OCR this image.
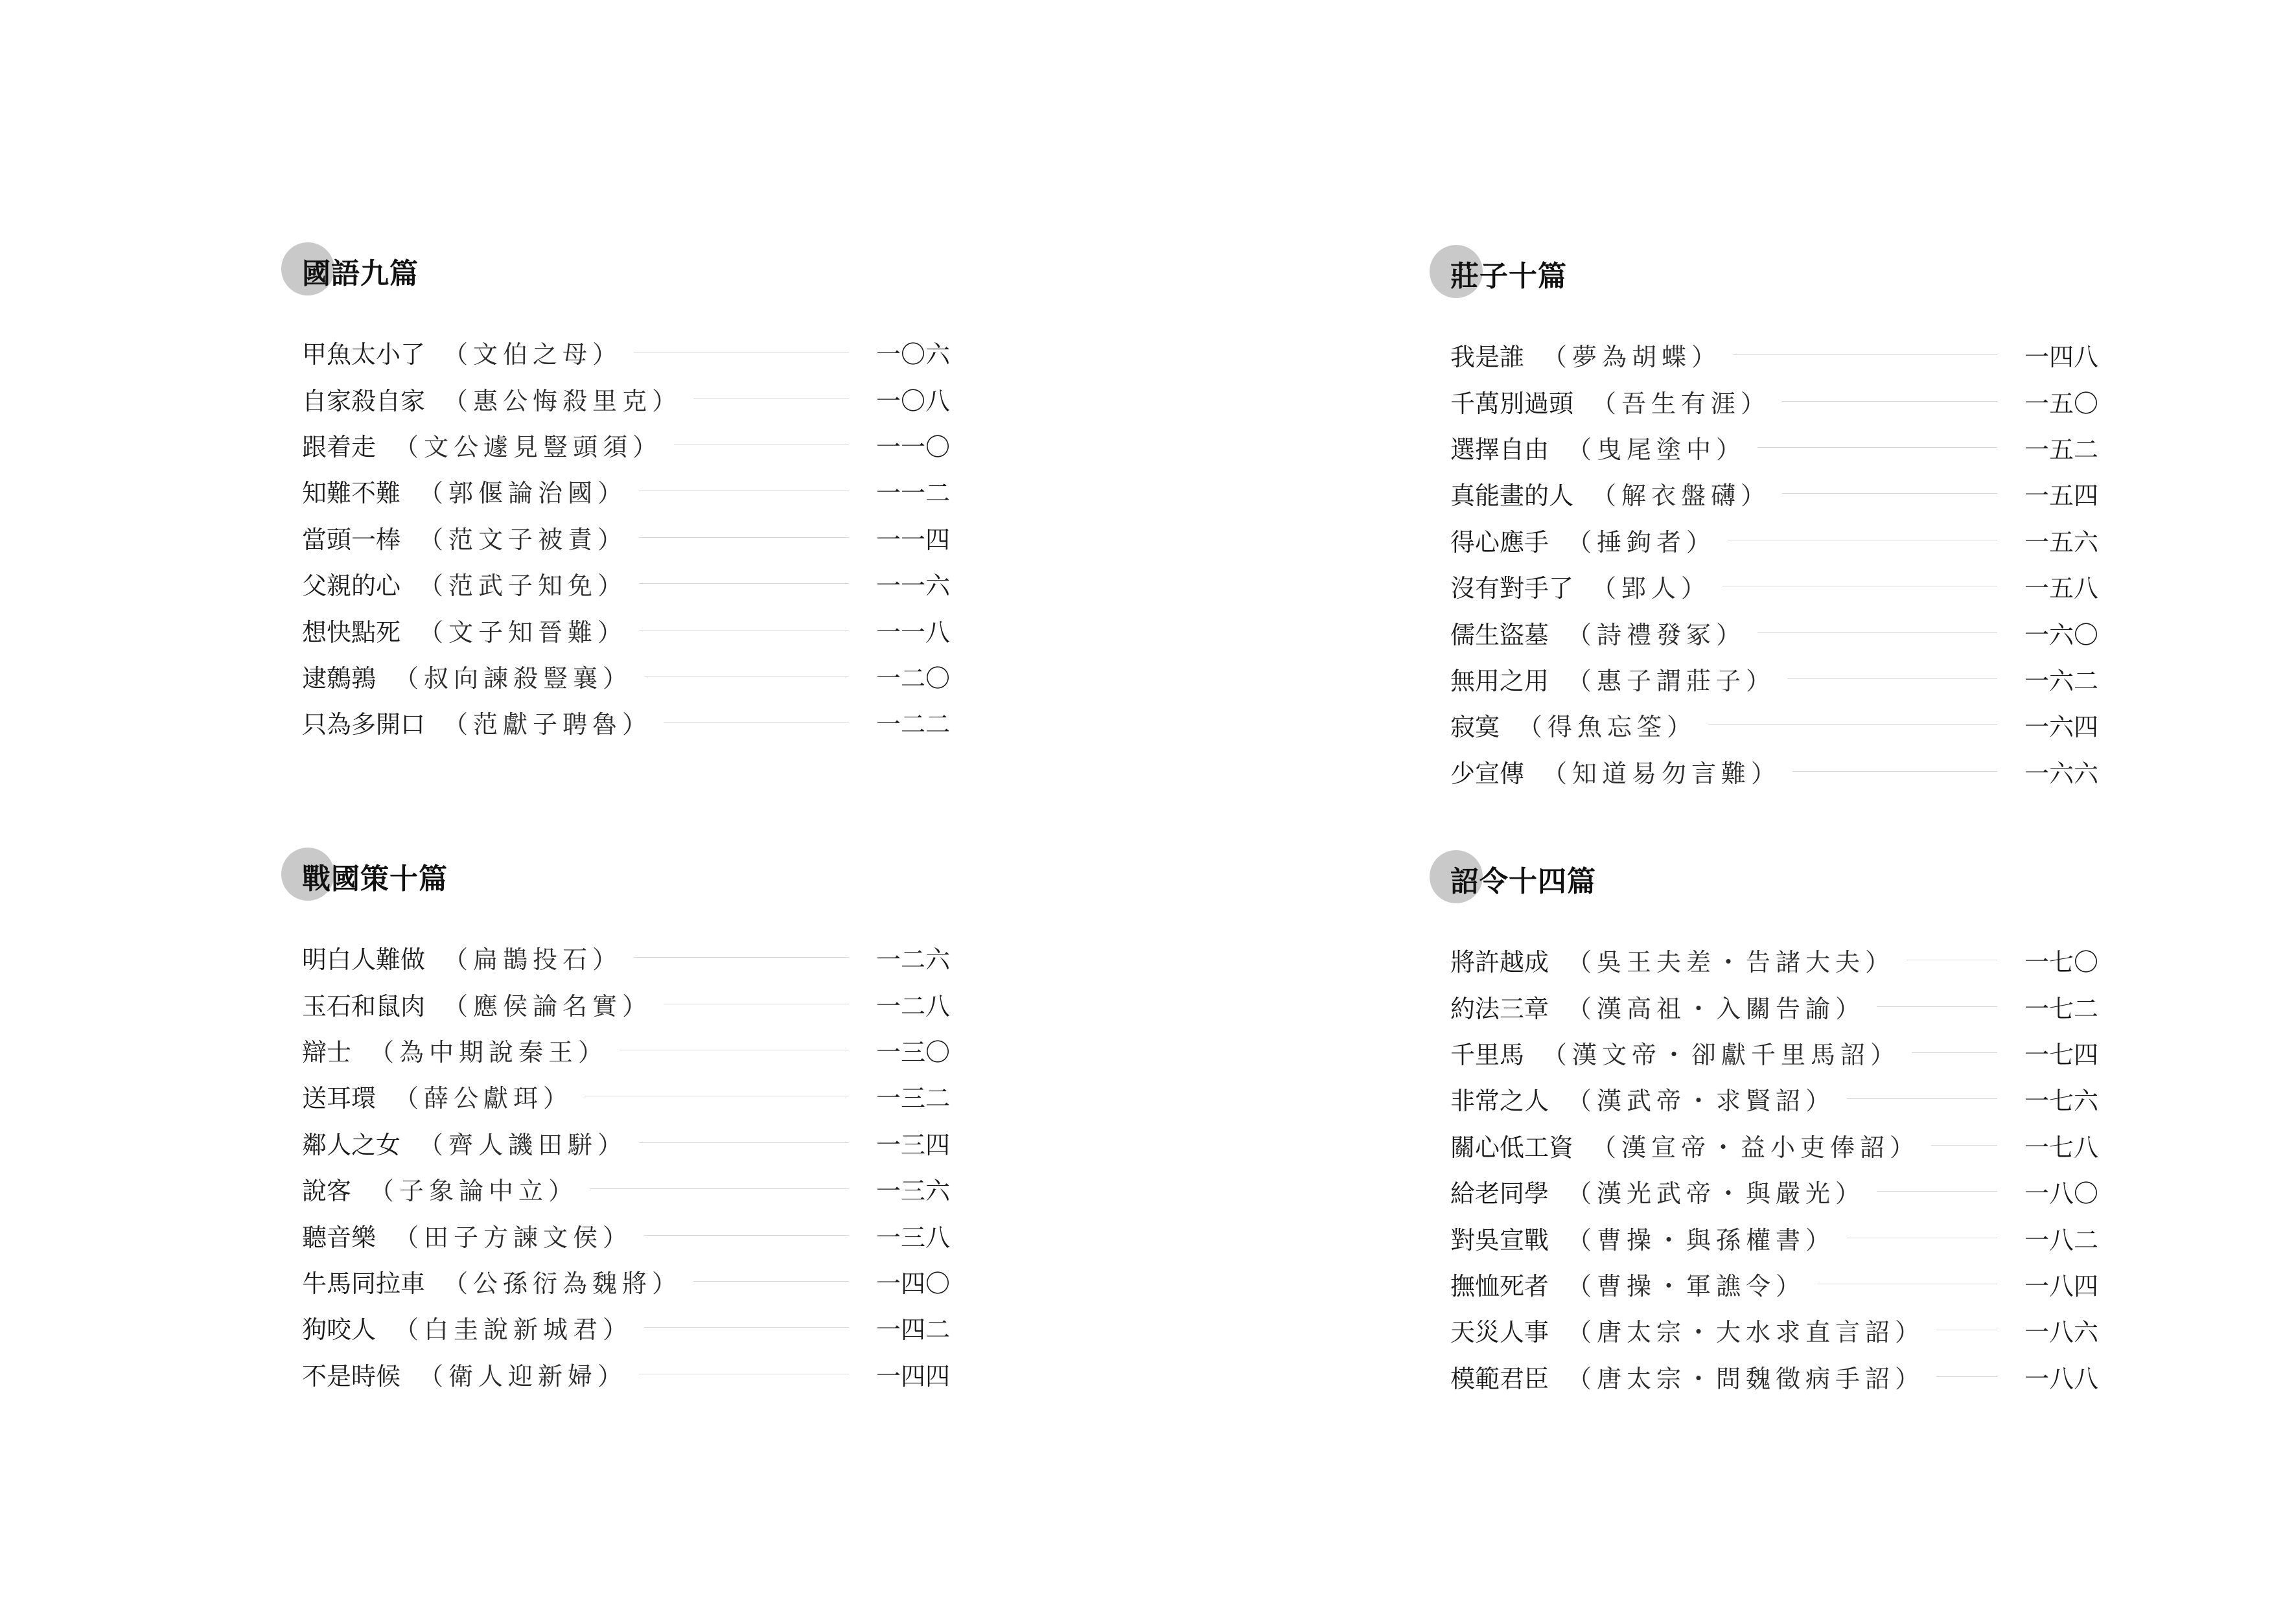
國語九篇
甲魚太小了 （文伯之母）	一〇六
自家殺自家 （惠公悔殺里克）	一〇八
跟着走 （文公遽見豎頭須）	一一〇
知難不難 （郭偃論治國）	一一二
當頭一棒 （范文子被責）	一一四
父親的心 （范武子知免）	一一六
想快點死 （文子知晉難）	一一八
逮鷯鶉 （叔向諫殺豎襄）	一二〇
只為多開口 （范獻子聘魯）	一二二
莊子十篇
我是誰 （夢為胡蝶）	一四八
千萬別過頭 （吾生有涯）	一五〇
選擇自由 （曳尾塗中）	一五二
真能畫的人 （解衣盤礴）	一五四
得心應手 （捶鉤者）	一五六
沒有對手了 （郢人）	一五八
儒生盜墓 （詩禮發冢）	一六〇
無用之用 （惠子謂莊子）	一六二
寂寞 （得魚忘筌）	一六四
少宣傳 （知道易勿言難）	一六六
戰國策十篇
明白人難做 （扁鵲投石）	一二六
玉石和鼠肉 （應侯論名實）	一二八
辯士 （為中期說秦王）	一三〇
送耳環 （薛公獻珥）	一三二
鄰人之女 （齊人譏田駢）	一三四
說客 （子象論中立）	一三六
聽音樂 （田子方諫文侯）	一三八
牛馬同拉車 （公孫衍為魏將）	一四〇
狗咬人 （白圭說新城君）	一四二
不是時候 （衛人迎新婦）	一四四
詔令十四篇
將許越成 （吳王夫差・告諸大夫）	一七〇
約法三章 （漢高祖・入關告諭）	一七二
千里馬 （漢文帝・卻獻千里馬詔）	一七四
非常之人 （漢武帝・求賢詔）	一七六
關心低工資 （漢宣帝・益小吏俸詔）	一七八
給老同學 （漢光武帝・與嚴光）	一八〇
對吳宣戰 （曹操・與孫權書）	一八二
撫恤死者 （曹操・軍譙令）	一八四
天災人事 （唐太宗・大水求直言詔）	一八六
模範君臣 （唐太宗・問魏徵病手詔）	一八八
